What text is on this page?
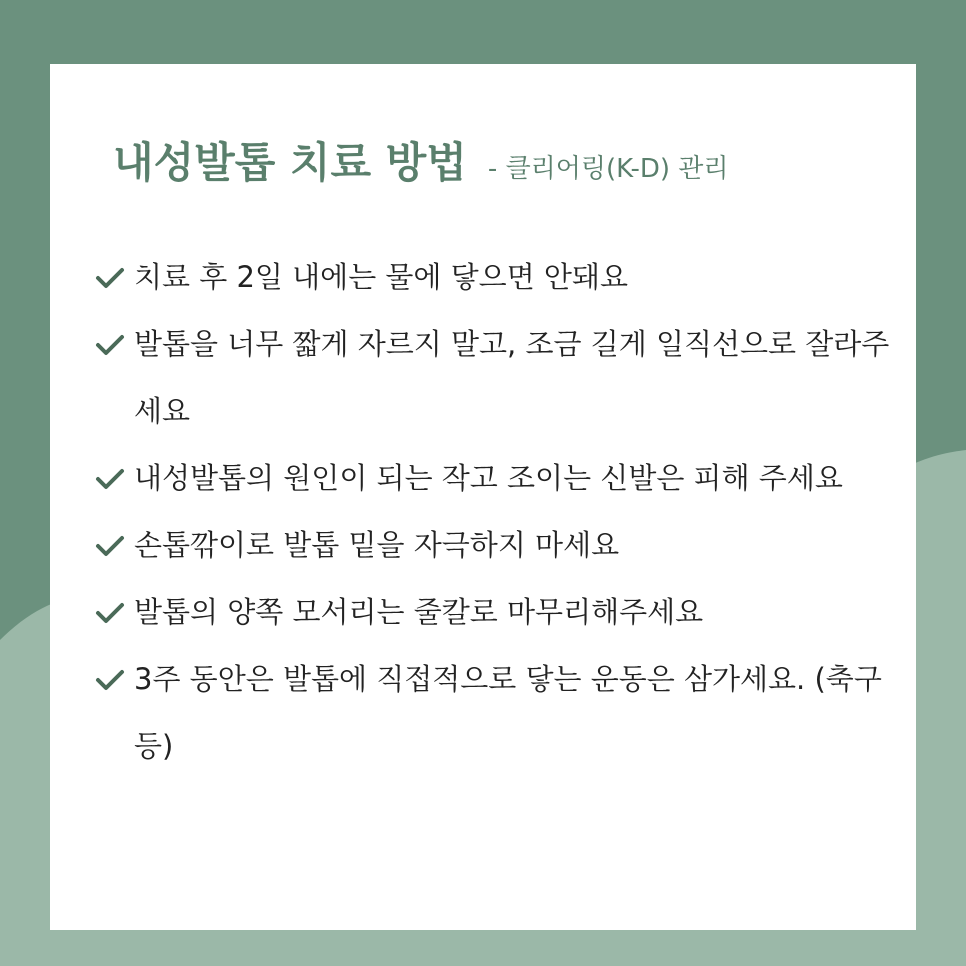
내성발톱 치료 방법 - 클리어링(K-D) 관리
치료 후 2일 내에는 물에 닿으면 안돼요
발톱을 너무 짧게 자르지 말고, 조금 길게 일직선으로 잘라주세요
내성발톱의 원인이 되는 작고 조이는 신발은 피해 주세요
손톱깎이로 발톱 밑을 자극하지 마세요
발톱의 양쪽 모서리는 줄칼로 마무리해주세요
3주 동안은 발톱에 직접적으로 닿는 운동은 삼가세요. (축구 등)
